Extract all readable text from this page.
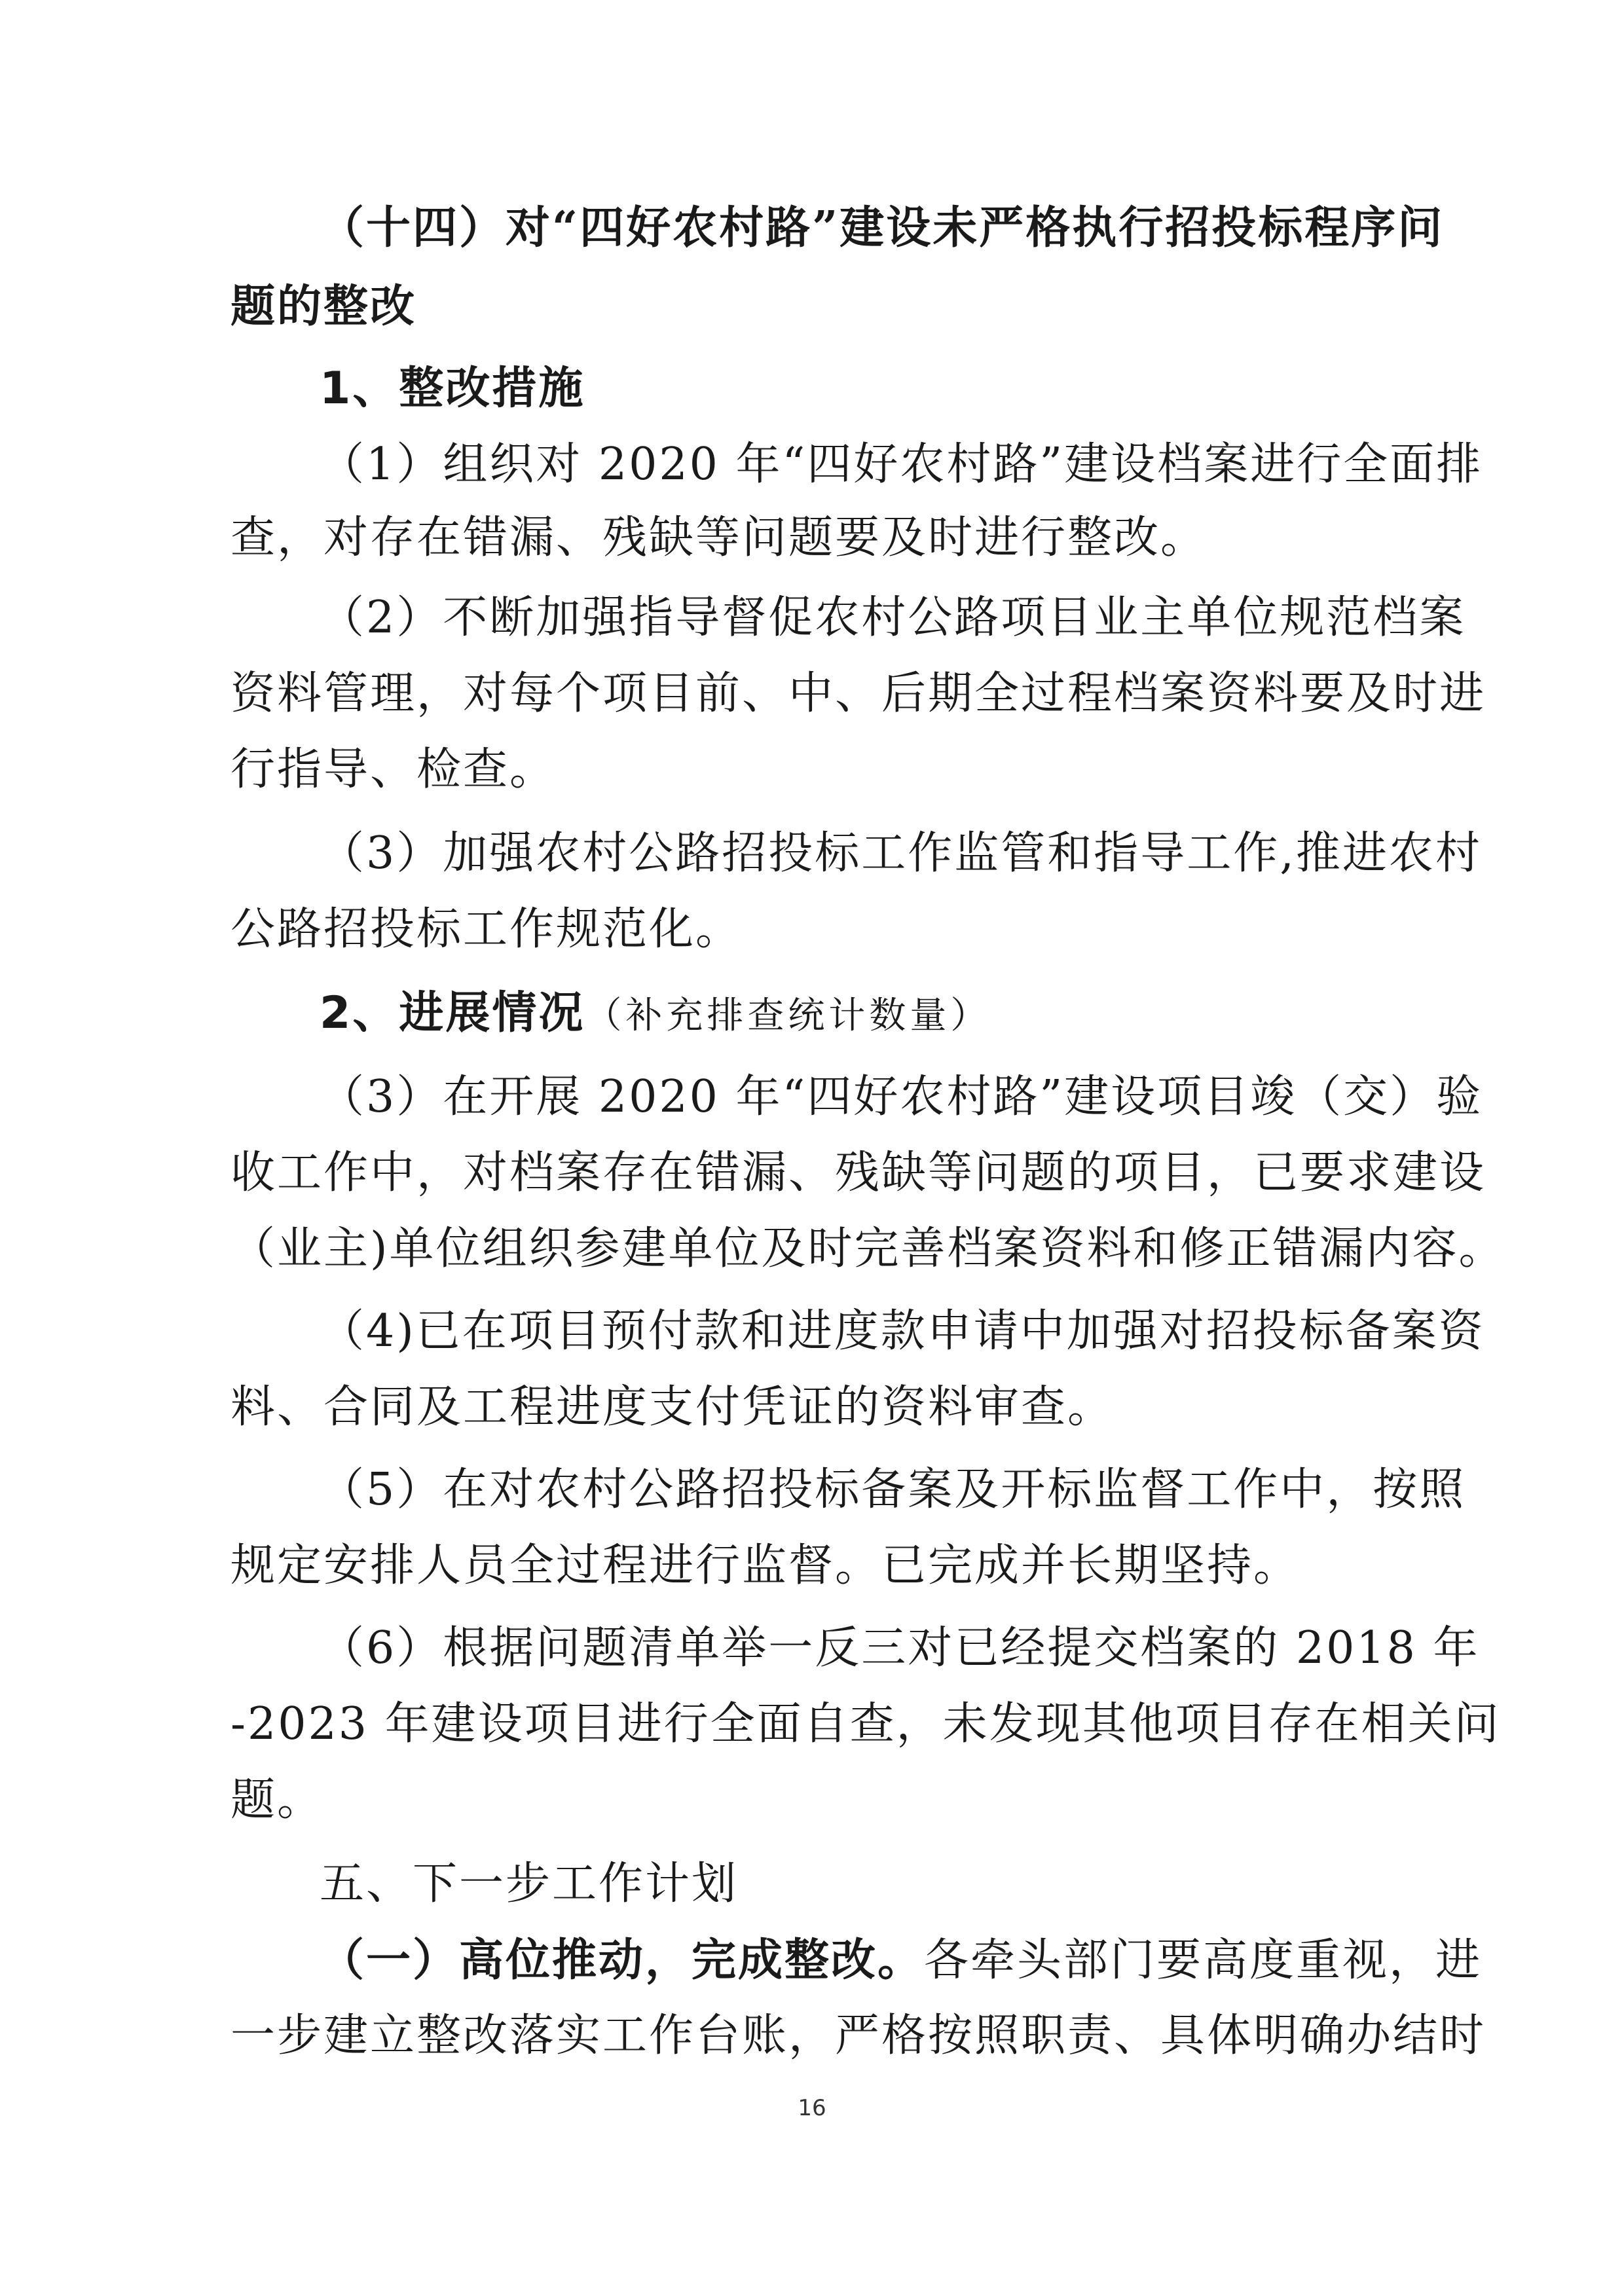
（十四）对“四好农村路”建设未严格执行招投标程序问
题的整改
1、整改措施
（1）组织对 2020 年“四好农村路”建设档案进行全面排
查，对存在错漏、残缺等问题要及时进行整改。
（2）不断加强指导督促农村公路项目业主单位规范档案
资料管理，对每个项目前、中、后期全过程档案资料要及时进
行指导、检查。
（3）加强农村公路招投标工作监管和指导工作,推进农村
公路招投标工作规范化。
2、进展情况（补充排查统计数量）
（3）在开展 2020 年“四好农村路”建设项目竣（交）验
收工作中，对档案存在错漏、残缺等问题的项目，已要求建设
（业主)单位组织参建单位及时完善档案资料和修正错漏内容。
（4)已在项目预付款和进度款申请中加强对招投标备案资
料、合同及工程进度支付凭证的资料审查。
（5）在对农村公路招投标备案及开标监督工作中，按照
规定安排人员全过程进行监督。已完成并长期坚持。
（6）根据问题清单举一反三对已经提交档案的 2018 年
-2023 年建设项目进行全面自查，未发现其他项目存在相关问
题。
五、下一步工作计划
（一）高位推动，完成整改。各牵头部门要高度重视，进
一步建立整改落实工作台账，严格按照职责、具体明确办结时
16
